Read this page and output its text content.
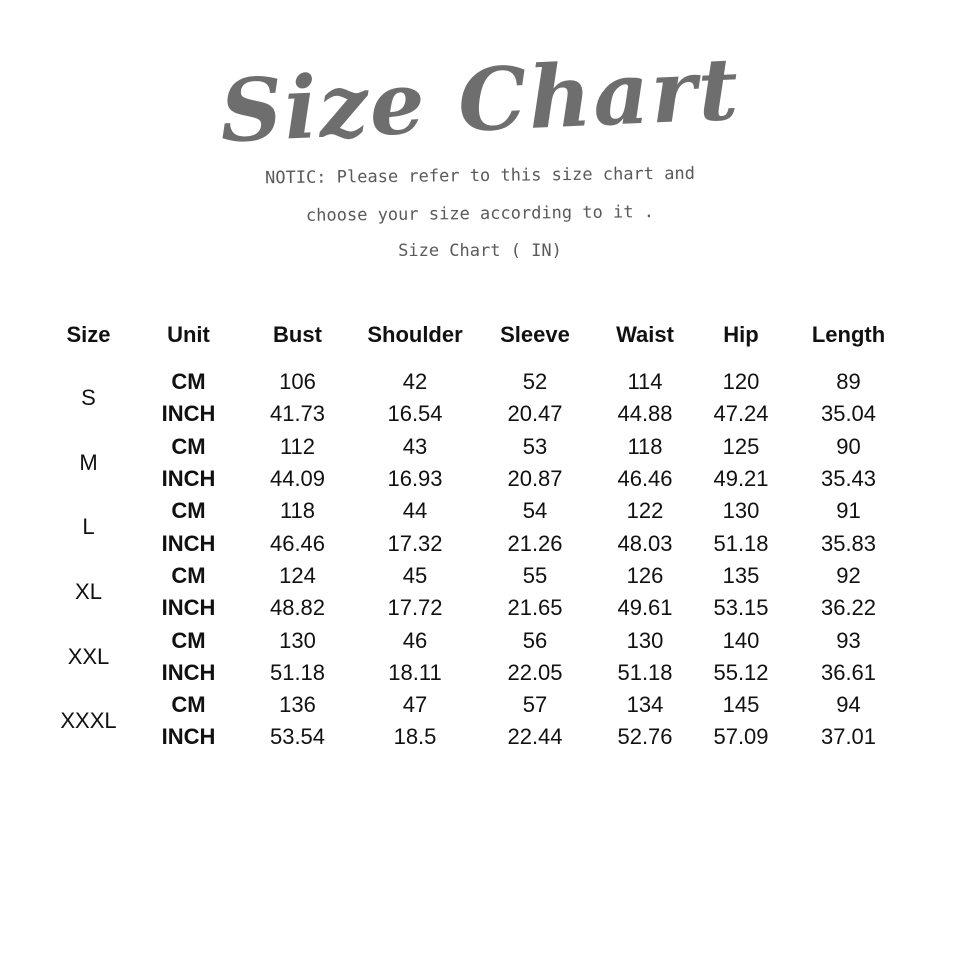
Size Chart

NOTIC: Please refer to this size chart and

choose your size according to it .

Size Chart ( IN)

Size	Unit	Bust	Shoulder	Sleeve	Waist	Hip	Length
S	CM	106	42	52	114	120	89
	INCH	41.73	16.54	20.47	44.88	47.24	35.04
M	CM	112	43	53	118	125	90
	INCH	44.09	16.93	20.87	46.46	49.21	35.43
L	CM	118	44	54	122	130	91
	INCH	46.46	17.32	21.26	48.03	51.18	35.83
XL	CM	124	45	55	126	135	92
	INCH	48.82	17.72	21.65	49.61	53.15	36.22
XXL	CM	130	46	56	130	140	93
	INCH	51.18	18.11	22.05	51.18	55.12	36.61
XXXL	CM	136	47	57	134	145	94
	INCH	53.54	18.5	22.44	52.76	57.09	37.01
